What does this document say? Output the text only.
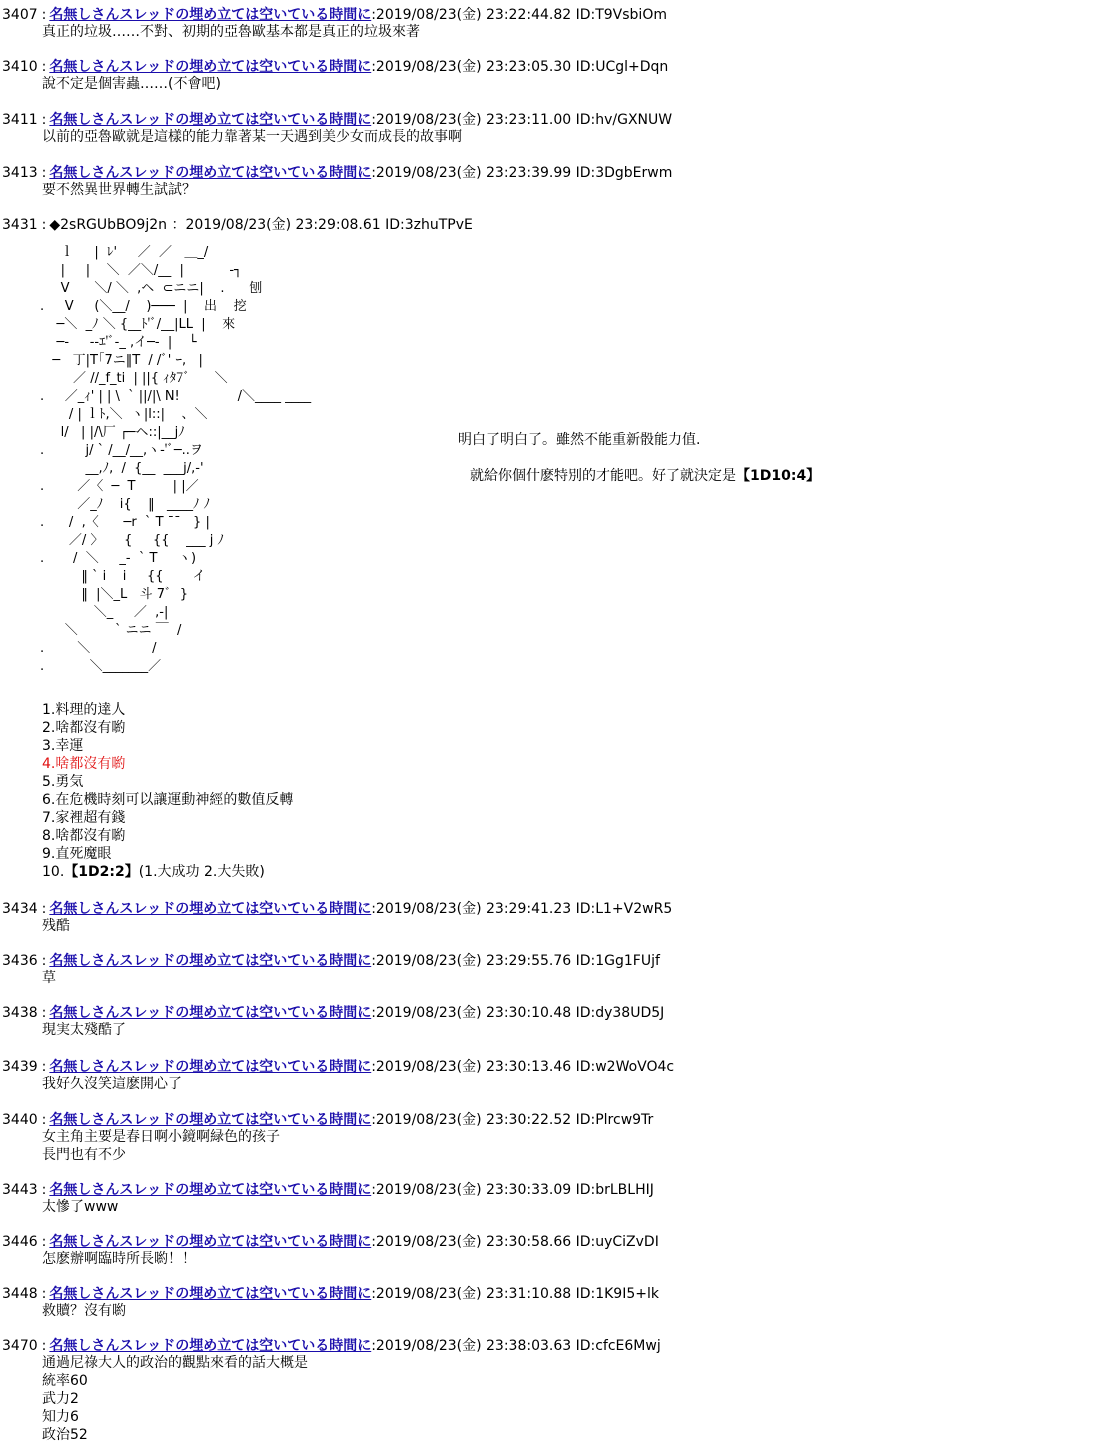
3407 : 名無しさんスレッドの埋め立ては空いている時間に:2019/08/23(金) 23:22:44.82 ID:T9VsbiOm
真正的垃圾……不對、初期的亞魯歐基本都是真正的垃圾來著
3410 : 名無しさんスレッドの埋め立ては空いている時間に:2019/08/23(金) 23:23:05.30 ID:UCgl+Dqn
說不定是個害蟲……(不會吧)
3411 : 名無しさんスレッドの埋め立ては空いている時間に:2019/08/23(金) 23:23:11.00 ID:hv/GXNUW
以前的亞魯歐就是這樣的能力靠著某一天遇到美少女而成長的故事啊
3413 : 名無しさんスレッドの埋め立ては空いている時間に:2019/08/23(金) 23:23:39.99 ID:3DgbErwm
要不然異世界轉生試試？
3431 : ◆2sRGUbBO9j2n ：2019/08/23(金) 23:29:08.61 ID:3zhuTPvE
ｌ     |  ﾚ'     ／  ／   ＿_/
|     |    ＼  ／＼/__  |           -┐
V      ＼/ ＼  ,ヘ  ⊂ニニ|    .      刨
.     V     (＼__/    )───  |    出    挖
─＼  _ﾉ ＼ {__ﾄ'ﾞ/__|LL  |    來
─-     --ｴ'ﾞ-_ ,イ─-  |    └
─   丁|T｢7ニ‖T  / /ﾞ' ｰ,   |
／ //_f_ti  | ||{ ｨﾀ7ﾞ      ＼
.     ／_ｨ' | | \  ` ||/|\ N!              /＼____ ____
/ | ｌﾄ,＼  ヽ|l::|    、＼
l/   | |/\厂 ┌─ヘ::|__jﾉ
.          j/ ` /__/__,ヽ-'ﾞ─..ヲ
__,ﾉ,  /  {__  ___j/,-'
.        ／〈  ─  T         | |／
／_ﾉ    i{    ‖   ____ﾉ ﾉ
.      /  ,〈      ─r  ` T ¯¯   } |
／/ 〉     {     {{    ___ j ﾉ
.       /  ＼     _-  ` T     ヽ)
‖ ` i    i     {{       イ
‖  |＼_L   斗 7ﾞ  }
＼_     ／  ,-|
＼         ` ニニ ￣  /
.        ＼               /
.           ＼_______／
明白了明白了。雖然不能重新骰能力值.
就給你個什麽特別的才能吧。好了就決定是【1D10:4】
1.料理的達人
2.啥都沒有喲
3.幸運
4.啥都沒有喲
5.勇気
6.在危機時刻可以讓運動神經的數值反轉
7.家裡超有錢
8.啥都沒有喲
9.直死魔眼
10.【1D2:2】(1.大成功 2.大失敗)
3434 : 名無しさんスレッドの埋め立ては空いている時間に:2019/08/23(金) 23:29:41.23 ID:L1+V2wR5
残酷
3436 : 名無しさんスレッドの埋め立ては空いている時間に:2019/08/23(金) 23:29:55.76 ID:1Gg1FUjf
草
3438 : 名無しさんスレッドの埋め立ては空いている時間に:2019/08/23(金) 23:30:10.48 ID:dy38UD5J
現実太殘酷了
3439 : 名無しさんスレッドの埋め立ては空いている時間に:2019/08/23(金) 23:30:13.46 ID:w2WoVO4c
我好久沒笑這麽開心了
3440 : 名無しさんスレッドの埋め立ては空いている時間に:2019/08/23(金) 23:30:22.52 ID:Plrcw9Tr
女主角主要是春日啊小鏡啊緑色的孩子
長門也有不少
3443 : 名無しさんスレッドの埋め立ては空いている時間に:2019/08/23(金) 23:30:33.09 ID:brLBLHIJ
太慘了www
3446 : 名無しさんスレッドの埋め立ては空いている時間に:2019/08/23(金) 23:30:58.66 ID:uyCiZvDI
怎麽辦啊臨時所長喲！！
3448 : 名無しさんスレッドの埋め立ては空いている時間に:2019/08/23(金) 23:31:10.88 ID:1K9I5+lk
救贖？沒有喲
3470 : 名無しさんスレッドの埋め立ては空いている時間に:2019/08/23(金) 23:38:03.63 ID:cfcE6Mwj
通過尼祿大人的政治的觀點來看的話大概是
統率60
武力2
知力6
政治52
